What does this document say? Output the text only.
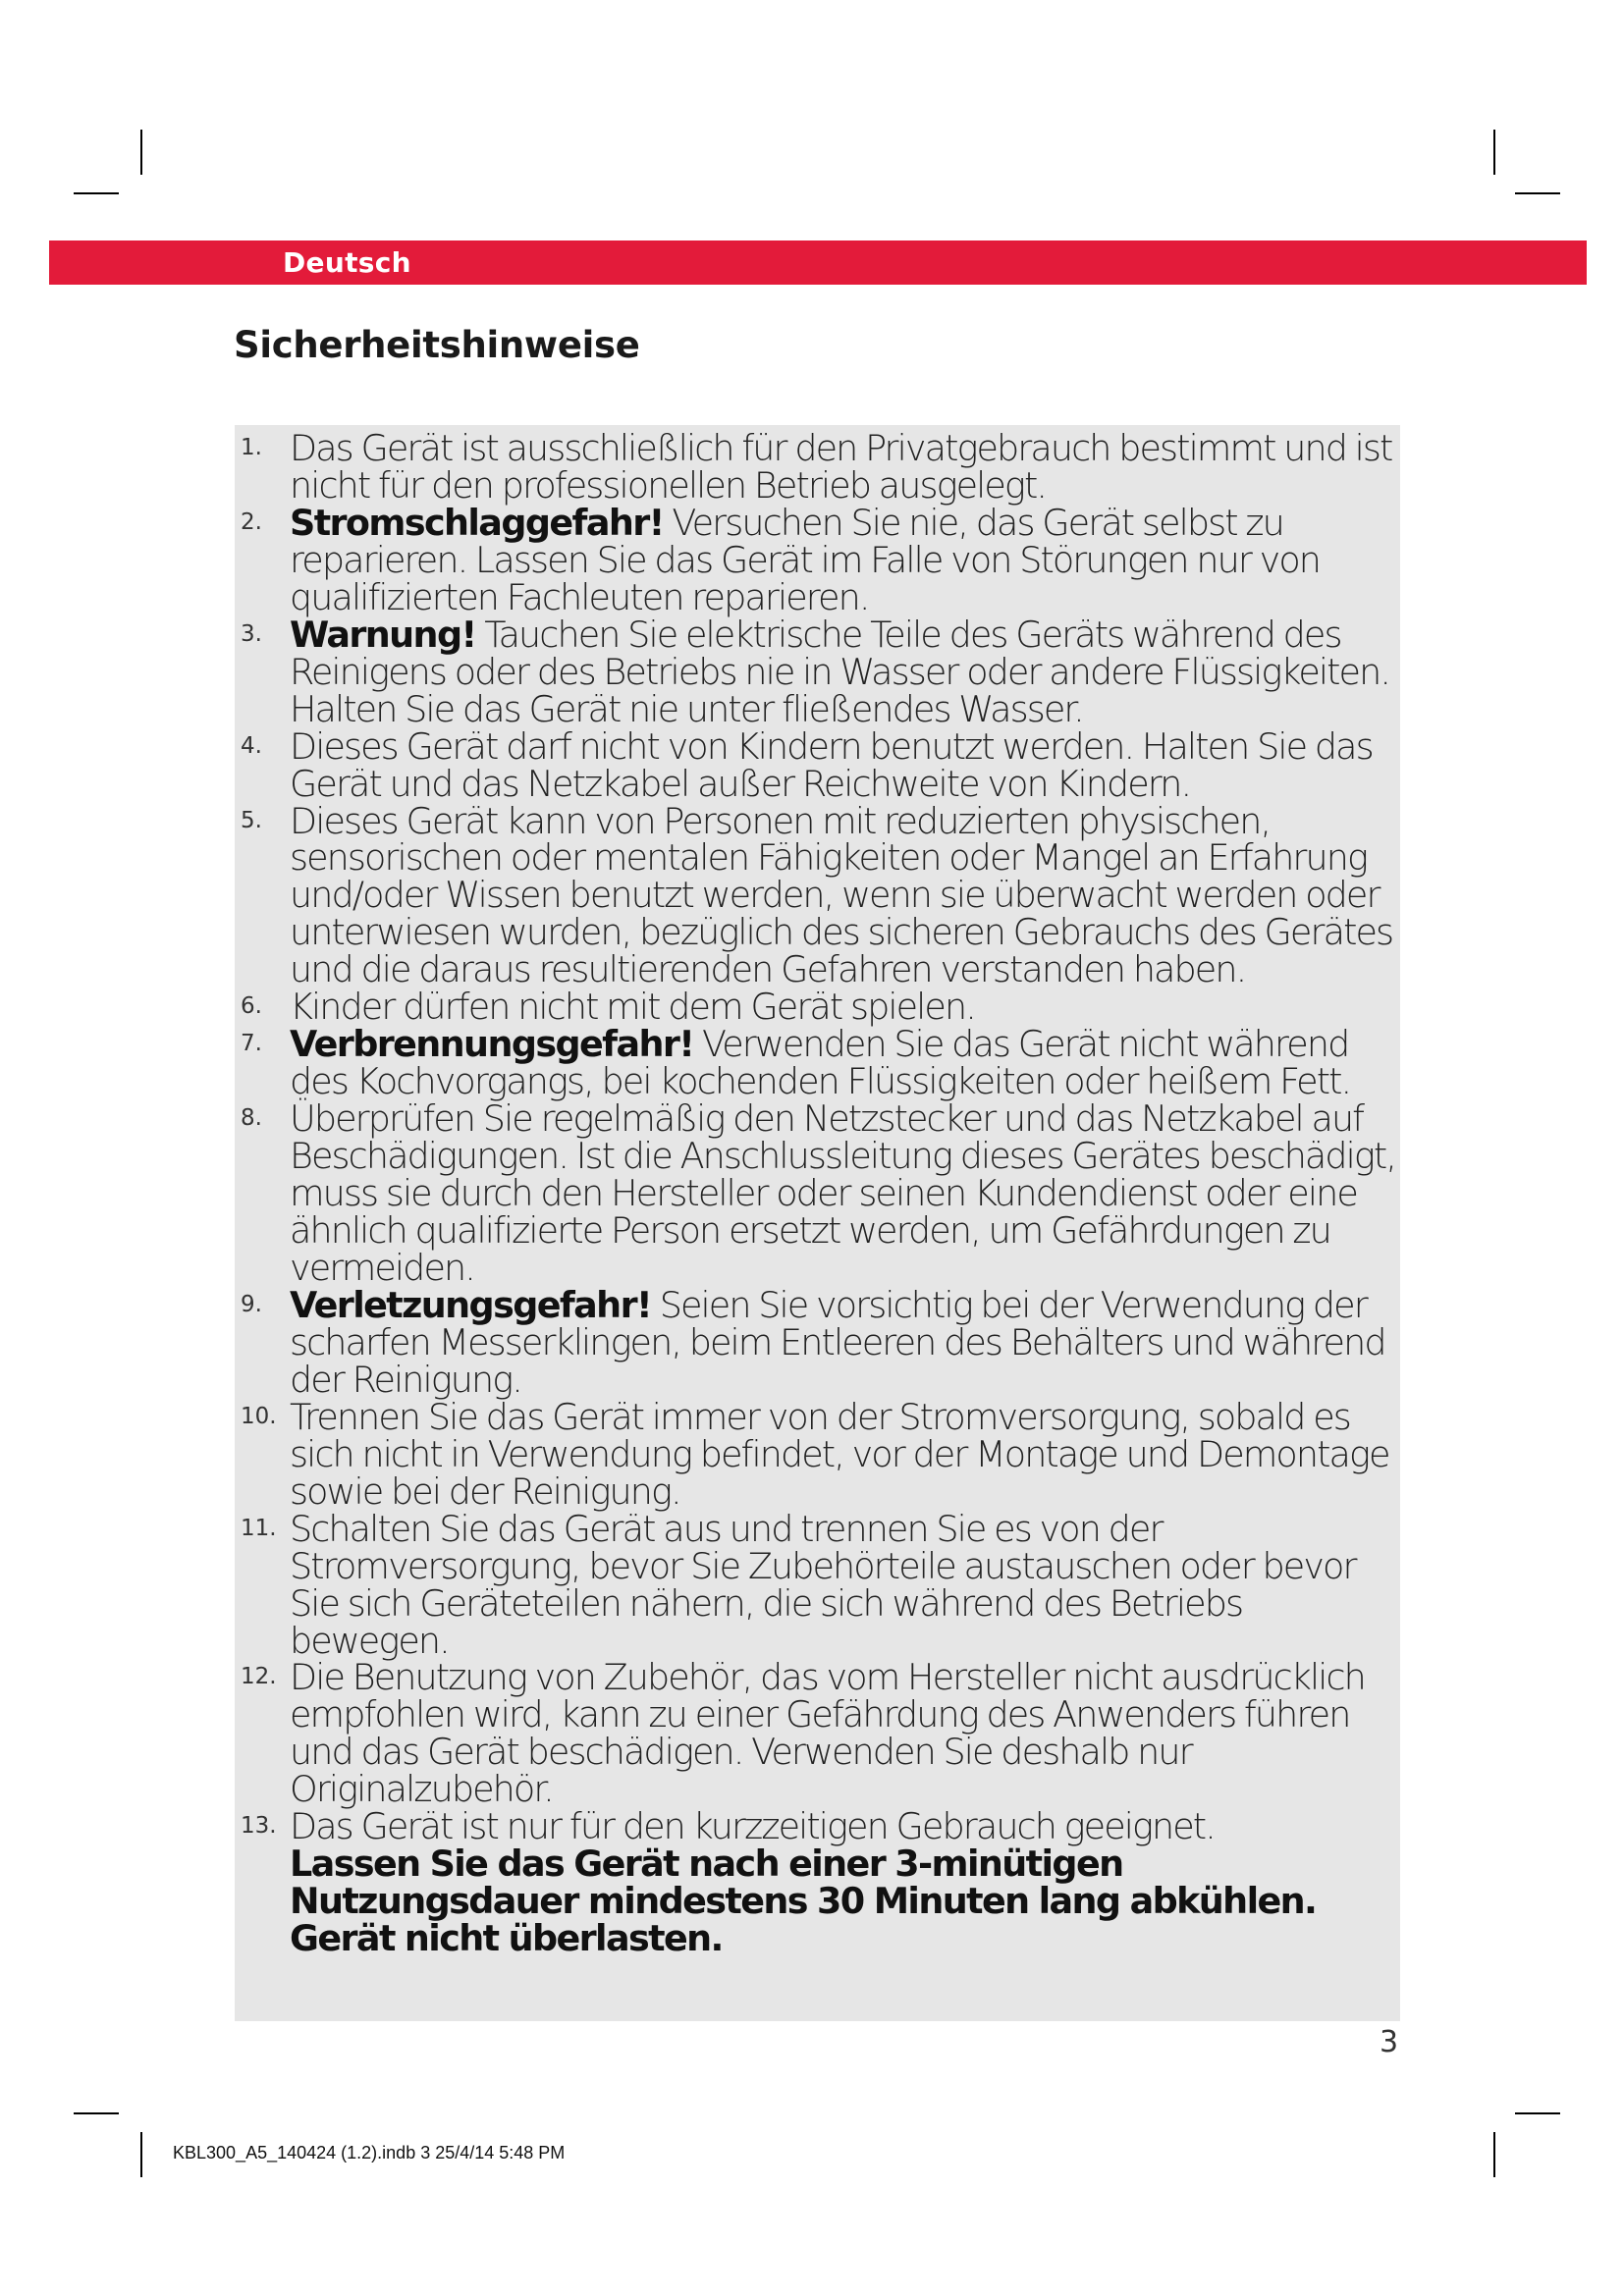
Deutsch
Sicherheitshinweise
1. Das Gerät ist ausschließlich für den Privatgebrauch bestimmt und ist nicht für den professionellen Betrieb ausgelegt.
2. Stromschlaggefahr! Versuchen Sie nie, das Gerät selbst zu reparieren. Lassen Sie das Gerät im Falle von Störungen nur von qualifizierten Fachleuten reparieren.
3. Warnung! Tauchen Sie elektrische Teile des Geräts während des Reinigens oder des Betriebs nie in Wasser oder andere Flüssigkeiten. Halten Sie das Gerät nie unter fließendes Wasser.
4. Dieses Gerät darf nicht von Kindern benutzt werden. Halten Sie das Gerät und das Netzkabel außer Reichweite von Kindern.
5. Dieses Gerät kann von Personen mit reduzierten physischen, sensorischen oder mentalen Fähigkeiten oder Mangel an Erfahrung und/oder Wissen benutzt werden, wenn sie überwacht werden oder unterwiesen wurden, bezüglich des sicheren Gebrauchs des Gerätes und die daraus resultierenden Gefahren verstanden haben.
6. Kinder dürfen nicht mit dem Gerät spielen.
7. Verbrennungsgefahr! Verwenden Sie das Gerät nicht während des Kochvorgangs, bei kochenden Flüssigkeiten oder heißem Fett.
8. Überprüfen Sie regelmäßig den Netzstecker und das Netzkabel auf Beschädigungen. Ist die Anschlussleitung dieses Gerätes beschädigt, muss sie durch den Hersteller oder seinen Kundendienst oder eine ähnlich qualifizierte Person ersetzt werden, um Gefährdungen zu vermeiden.
9. Verletzungsgefahr! Seien Sie vorsichtig bei der Verwendung der scharfen Messerklingen, beim Entleeren des Behälters und während der Reinigung.
10. Trennen Sie das Gerät immer von der Stromversorgung, sobald es sich nicht in Verwendung befindet, vor der Montage und Demontage sowie bei der Reinigung.
11. Schalten Sie das Gerät aus und trennen Sie es von der Stromversorgung, bevor Sie Zubehörteile austauschen oder bevor Sie sich Geräteteilen nähern, die sich während des Betriebs bewegen.
12. Die Benutzung von Zubehör, das vom Hersteller nicht ausdrücklich empfohlen wird, kann zu einer Gefährdung des Anwenders führen und das Gerät beschädigen. Verwenden Sie deshalb nur Originalzubehör.
13. Das Gerät ist nur für den kurzzeitigen Gebrauch geeignet.
Lassen Sie das Gerät nach einer 3-minütigen Nutzungsdauer mindestens 30 Minuten lang abkühlen. Gerät nicht überlasten.
3
KBL300_A5_140424 (1.2).indb 3 25/4/14 5:48 PM
